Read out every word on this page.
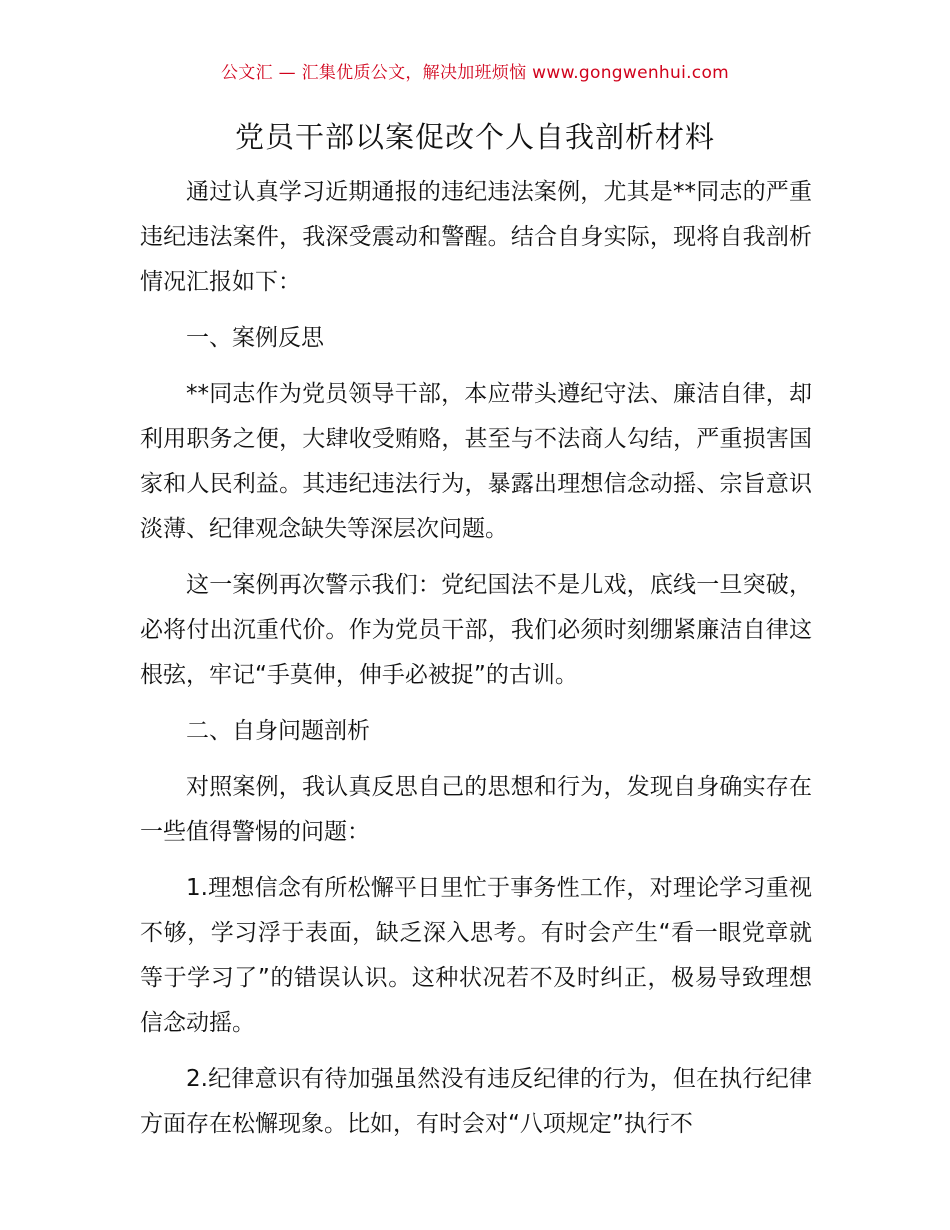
公文汇 — 汇集优质公文，解决加班烦恼 www.gongwenhui.com
党员干部以案促改个人自我剖析材料

通过认真学习近期通报的违纪违法案例，尤其是**同志的严重违纪违法案件，我深受震动和警醒。结合自身实际，现将自我剖析情况汇报如下：

一、案例反思

**同志作为党员领导干部，本应带头遵纪守法、廉洁自律，却利用职务之便，大肆收受贿赂，甚至与不法商人勾结，严重损害国家和人民利益。其违纪违法行为，暴露出理想信念动摇、宗旨意识淡薄、纪律观念缺失等深层次问题。

这一案例再次警示我们：党纪国法不是儿戏，底线一旦突破，必将付出沉重代价。作为党员干部，我们必须时刻绷紧廉洁自律这根弦，牢记“手莫伸，伸手必被捉”的古训。

二、自身问题剖析

对照案例，我认真反思自己的思想和行为，发现自身确实存在一些值得警惕的问题：

1.理想信念有所松懈平日里忙于事务性工作，对理论学习重视不够，学习浮于表面，缺乏深入思考。有时会产生“看一眼党章就等于学习了”的错误认识。这种状况若不及时纠正，极易导致理想信念动摇。

2.纪律意识有待加强虽然没有违反纪律的行为，但在执行纪律方面存在松懈现象。比如，有时会对“八项规定”执行不
